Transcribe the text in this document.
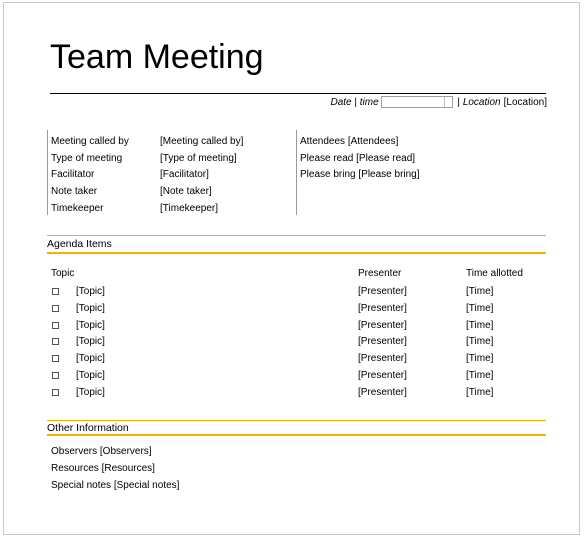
Team Meeting
Date | time	| Location [Location]
Meeting called by	[Meeting called by]
Type of meeting	[Type of meeting]
Facilitator	[Facilitator]
Note taker	[Note taker]
Timekeeper	[Timekeeper]
Attendees [Attendees]
Please read [Please read]
Please bring [Please bring]
Agenda Items
Topic	Presenter	Time allotted
[Topic]	[Presenter]	[Time]
[Topic]	[Presenter]	[Time]
[Topic]	[Presenter]	[Time]
[Topic]	[Presenter]	[Time]
[Topic]	[Presenter]	[Time]
[Topic]	[Presenter]	[Time]
[Topic]	[Presenter]	[Time]
Other Information
Observers [Observers]
Resources [Resources]
Special notes [Special notes]
